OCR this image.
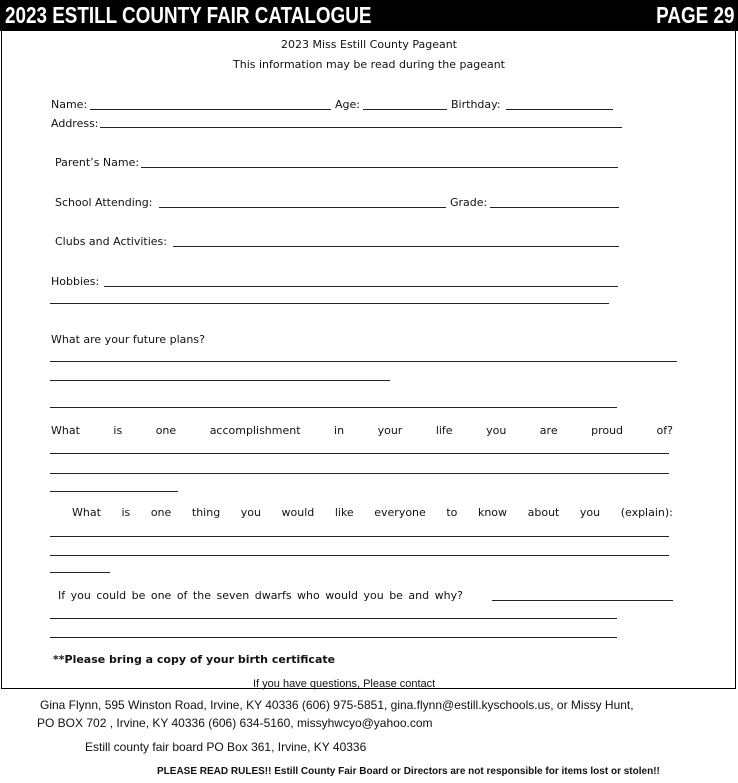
2023 ESTILL COUNTY FAIR CATALOGUE	PAGE 29
2023 Miss Estill County Pageant
This information may be read during the pageant
Name:	Age:	Birthday:
Address:
Parent’s Name:
School Attending:	Grade:
Clubs and Activities:
Hobbies:
What are your future plans?
What	is	one	accomplishment	in	your	life	you	are	proud	of?
What is one thing you would like everyone to know about you (explain):
If you could be one of the seven dwarfs who would you be and why?
**Please bring a copy of your birth certificate
If you have questions, Please contact
Gina Flynn, 595 Winston Road, Irvine, KY 40336 (606) 975-5851, gina.flynn@estill.kyschools.us, or Missy Hunt,
PO BOX 702 , Irvine, KY 40336 (606) 634-5160, missyhwcyo@yahoo.com
Estill county fair board PO Box 361, Irvine, KY 40336
PLEASE READ RULES!! Estill County Fair Board or Directors are not responsible for items lost or stolen!!
